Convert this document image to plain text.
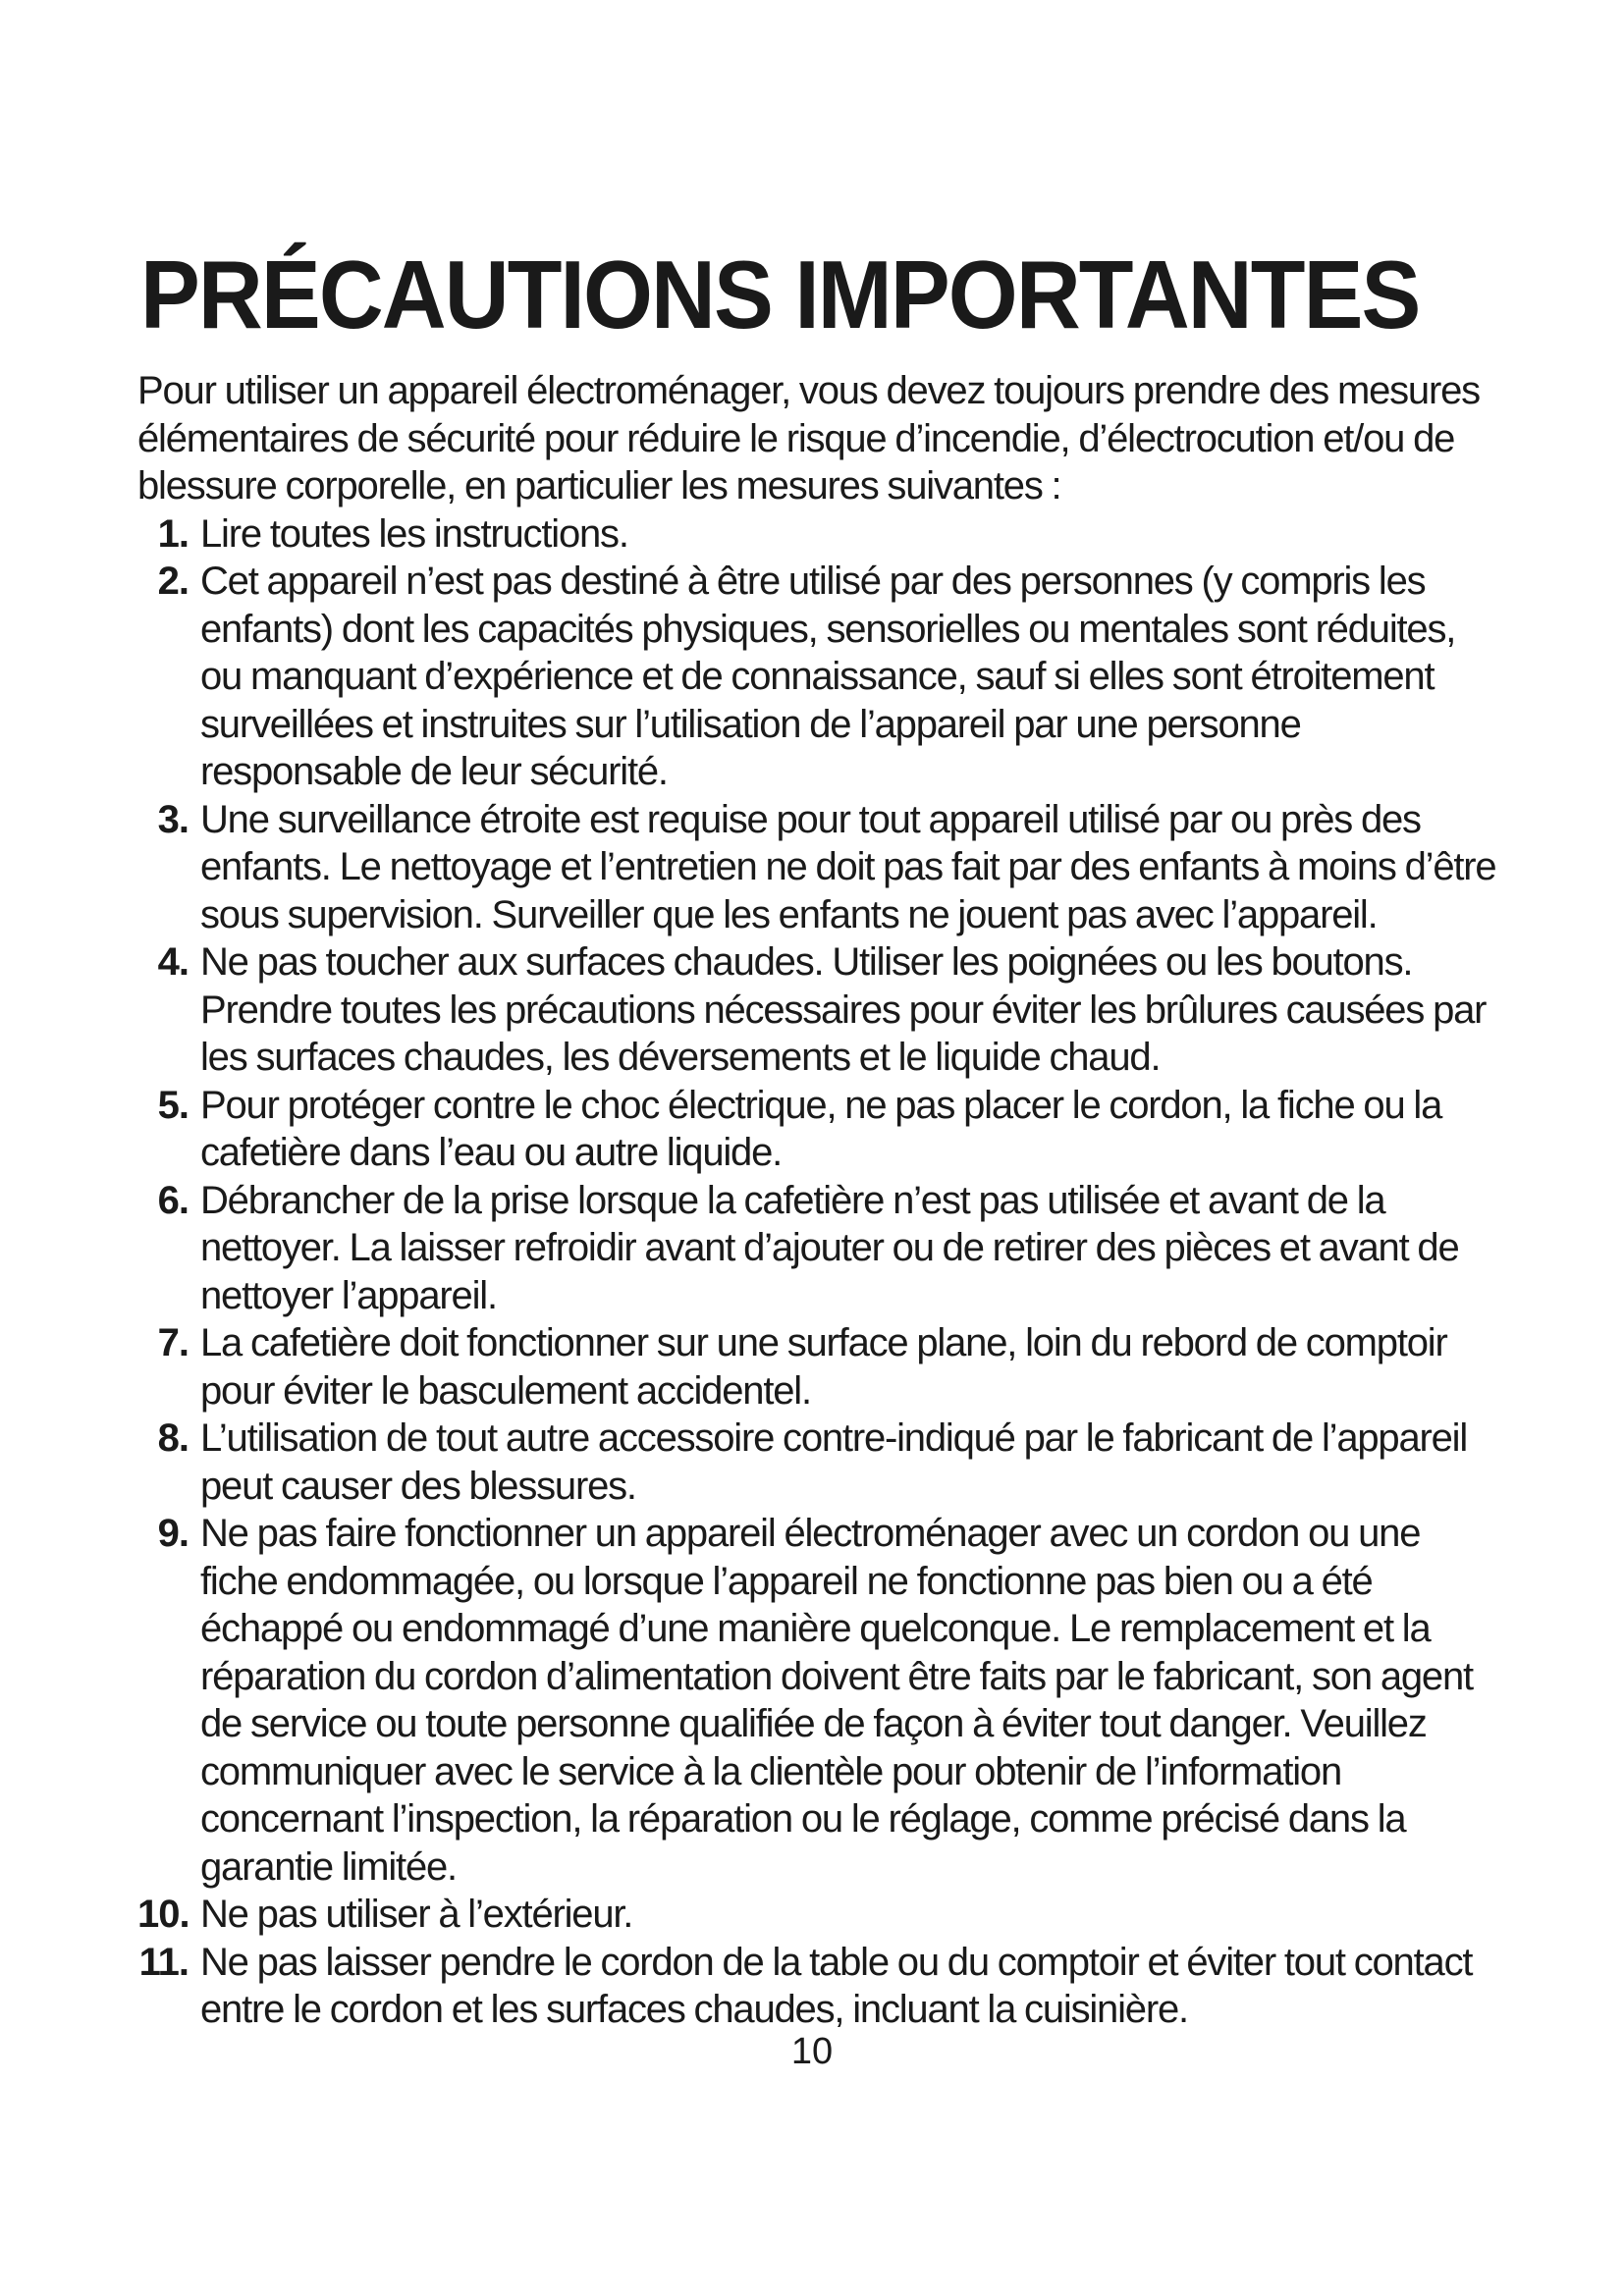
PRÉCAUTIONS IMPORTANTES

Pour utiliser un appareil électroménager, vous devez toujours prendre des mesures élémentaires de sécurité pour réduire le risque d’incendie, d’électrocution et/ou de blessure corporelle, en particulier les mesures suivantes :

1. Lire toutes les instructions.
2. Cet appareil n’est pas destiné à être utilisé par des personnes (y compris les enfants) dont les capacités physiques, sensorielles ou mentales sont réduites, ou manquant d’expérience et de connaissance, sauf si elles sont étroitement surveillées et instruites sur l’utilisation de l’appareil par une personne responsable de leur sécurité.
3. Une surveillance étroite est requise pour tout appareil utilisé par ou près des enfants. Le nettoyage et l’entretien ne doit pas fait par des enfants à moins d’être sous supervision. Surveiller que les enfants ne jouent pas avec l’appareil.
4. Ne pas toucher aux surfaces chaudes. Utiliser les poignées ou les boutons. Prendre toutes les précautions nécessaires pour éviter les brûlures causées par les surfaces chaudes, les déversements et le liquide chaud.
5. Pour protéger contre le choc électrique, ne pas placer le cordon, la fiche ou la cafetière dans l’eau ou autre liquide.
6. Débrancher de la prise lorsque la cafetière n’est pas utilisée et avant de la nettoyer. La laisser refroidir avant d’ajouter ou de retirer des pièces et avant de nettoyer l’appareil.
7. La cafetière doit fonctionner sur une surface plane, loin du rebord de comptoir pour éviter le basculement accidentel.
8. L’utilisation de tout autre accessoire contre-indiqué par le fabricant de l’appareil peut causer des blessures.
9. Ne pas faire fonctionner un appareil électroménager avec un cordon ou une fiche endommagée, ou lorsque l’appareil ne fonctionne pas bien ou a été échappé ou endommagé d’une manière quelconque. Le remplacement et la réparation du cordon d’alimentation doivent être faits par le fabricant, son agent de service ou toute personne qualifiée de façon à éviter tout danger. Veuillez communiquer avec le service à la clientèle pour obtenir de l’information concernant l’inspection, la réparation ou le réglage, comme précisé dans la garantie limitée.
10. Ne pas utiliser à l’extérieur.
11. Ne pas laisser pendre le cordon de la table ou du comptoir et éviter tout contact entre le cordon et les surfaces chaudes, incluant la cuisinière.
10
